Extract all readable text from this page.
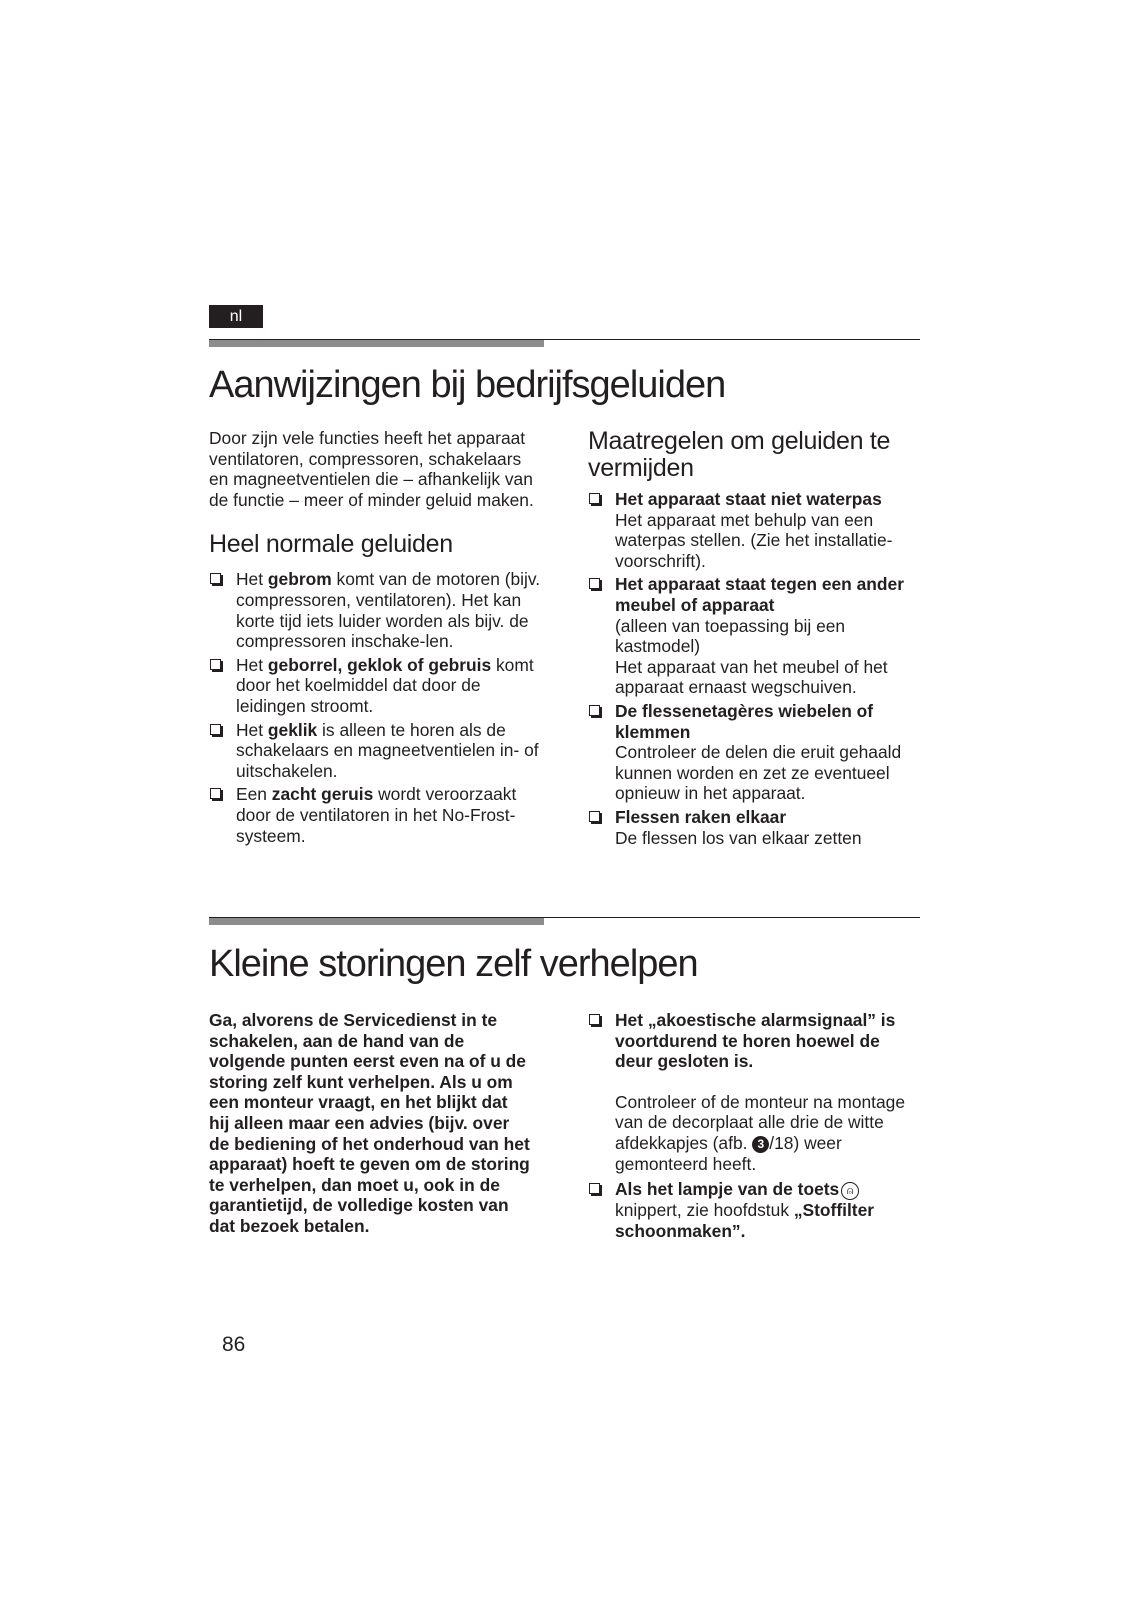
nl
Aanwijzingen bij bedrijfsgeluiden

Door zijn vele functies heeft het apparaat ventilatoren, compressoren, schakelaars en magneetventielen die – afhankelijk van de functie – meer of minder geluid maken.

Heel normale geluiden
Het gebrom komt van de motoren (bijv. compressoren, ventilatoren). Het kan korte tijd iets luider worden als bijv. de compressoren inschake-len.
Het geborrel, geklok of gebruis komt door het koelmiddel dat door de leidingen stroomt.
Het geklik is alleen te horen als de schakelaars en magneetventielen in- of uitschakelen.
Een zacht geruis wordt veroorzaakt door de ventilatoren in het No-Frost-systeem.
Maatregelen om geluiden te vermijden
Het apparaat staat niet waterpas
Het apparaat met behulp van een waterpas stellen. (Zie het installatie-voorschrift).
Het apparaat staat tegen een ander meubel of apparaat
(alleen van toepassing bij een kastmodel)
Het apparaat van het meubel of het apparaat ernaast wegschuiven.
De flessenetagères wiebelen of klemmen
Controleer de delen die eruit gehaald kunnen worden en zet ze eventueel opnieuw in het apparaat.
Flessen raken elkaar
De flessen los van elkaar zetten
Kleine storingen zelf verhelpen

Ga, alvorens de Servicedienst in te schakelen, aan de hand van de volgende punten eerst even na of u de storing zelf kunt verhelpen. Als u om een monteur vraagt, en het blijkt dat hij alleen maar een advies (bijv. over de bediening of het onderhoud van het apparaat) hoeft te geven om de storing te verhelpen, dan moet u, ook in de garantietijd, de volledige kosten van dat bezoek betalen.

Het „akoestische alarmsignaal” is voortdurend te horen hoewel de deur gesloten is.

Controleer of de monteur na montage van de decorplaat alle drie de witte afdekkapjes (afb. 3 /18) weer gemonteerd heeft.

Als het lampje van de toets ⍝ knippert, zie hoofdstuk „Stoffilter schoonmaken”.
86
